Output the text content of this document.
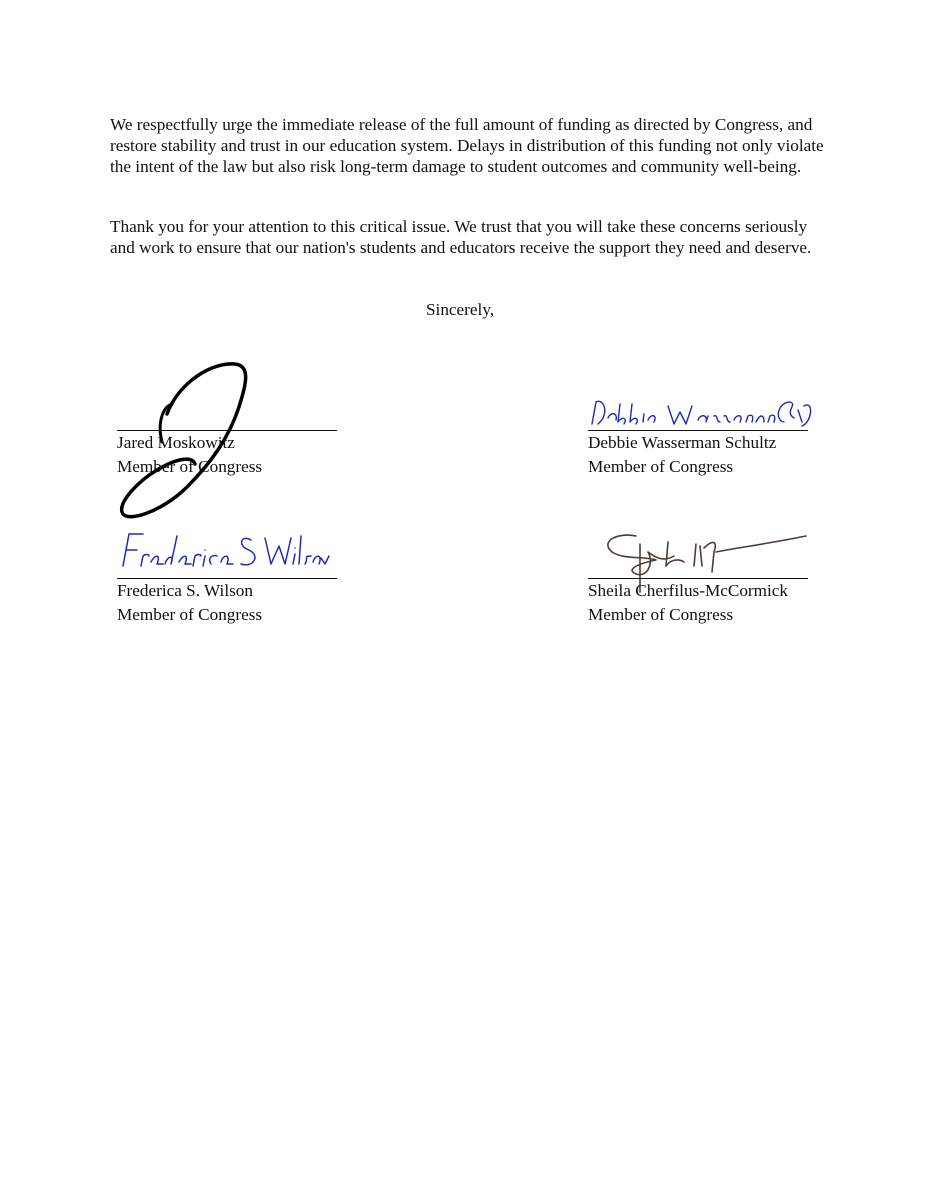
We respectfully urge the immediate release of the full amount of funding as directed by Congress, and restore stability and trust in our education system. Delays in distribution of this funding not only violate the intent of the law but also risk long-term damage to student outcomes and community well-being.

Thank you for your attention to this critical issue. We trust that you will take these concerns seriously and work to ensure that our nation's students and educators receive the support they need and deserve.

Sincerely,

Jared Moskowitz

Member of Congress

Debbie Wasserman Schultz

Member of Congress

Frederica S. Wilson

Member of Congress

Sheila Cherfilus-McCormick

Member of Congress
